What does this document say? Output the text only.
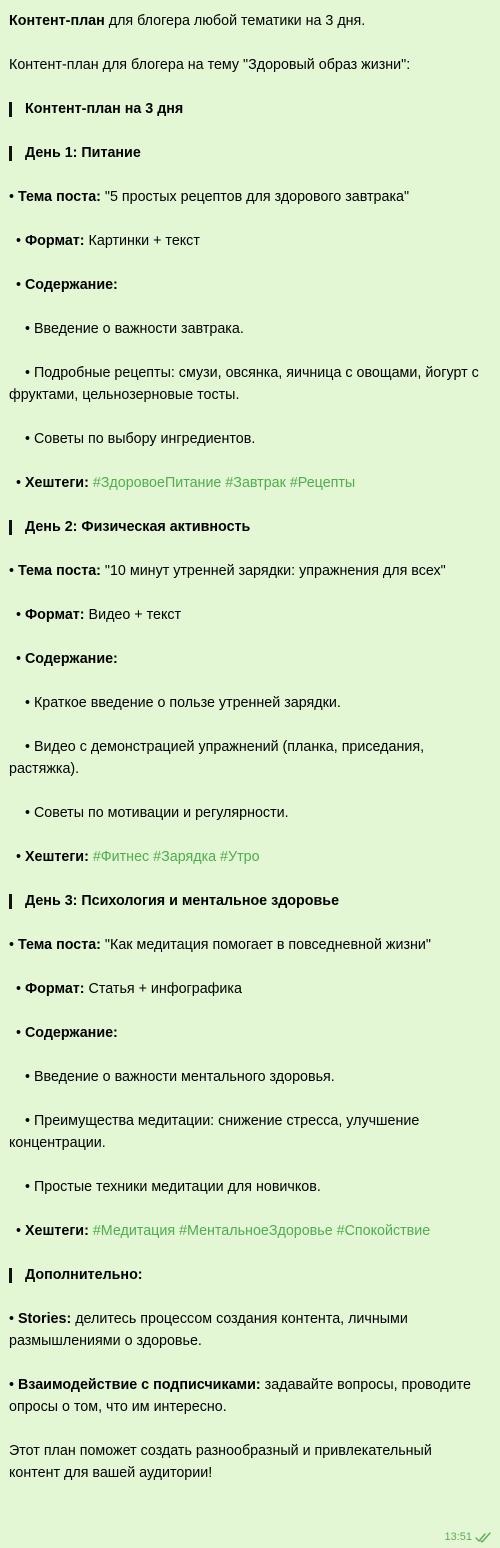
Контент-план для блогера любой тематики на 3 дня.
Контент-план для блогера на тему "Здоровый образ жизни":
Контент-план на 3 дня
День 1: Питание
• Тема поста: "5 простых рецептов для здорового завтрака"
• Формат: Картинки + текст
• Содержание:
• Введение о важности завтрака.
• Подробные рецепты: смузи, овсянка, яичница с овощами, йогурт с фруктами, цельнозерновые тосты.
• Советы по выбору ингредиентов.
• Хештеги: #ЗдоровоеПитание #Завтрак #Рецепты
День 2: Физическая активность
• Тема поста: "10 минут утренней зарядки: упражнения для всех"
• Формат: Видео + текст
• Содержание:
• Краткое введение о пользе утренней зарядки.
• Видео с демонстрацией упражнений (планка, приседания, растяжка).
• Советы по мотивации и регулярности.
• Хештеги: #Фитнес #Зарядка #Утро
День 3: Психология и ментальное здоровье
• Тема поста: "Как медитация помогает в повседневной жизни"
• Формат: Статья + инфографика
• Содержание:
• Введение о важности ментального здоровья.
• Преимущества медитации: снижение стресса, улучшение концентрации.
• Простые техники медитации для новичков.
• Хештеги: #Медитация #МентальноеЗдоровье #Спокойствие
Дополнительно:
• Stories: делитесь процессом создания контента, личными размышлениями о здоровье.
• Взаимодействие с подписчиками: задавайте вопросы, проводите опросы о том, что им интересно.
Этот план поможет создать разнообразный и привлекательный контент для вашей аудитории!
13:51
